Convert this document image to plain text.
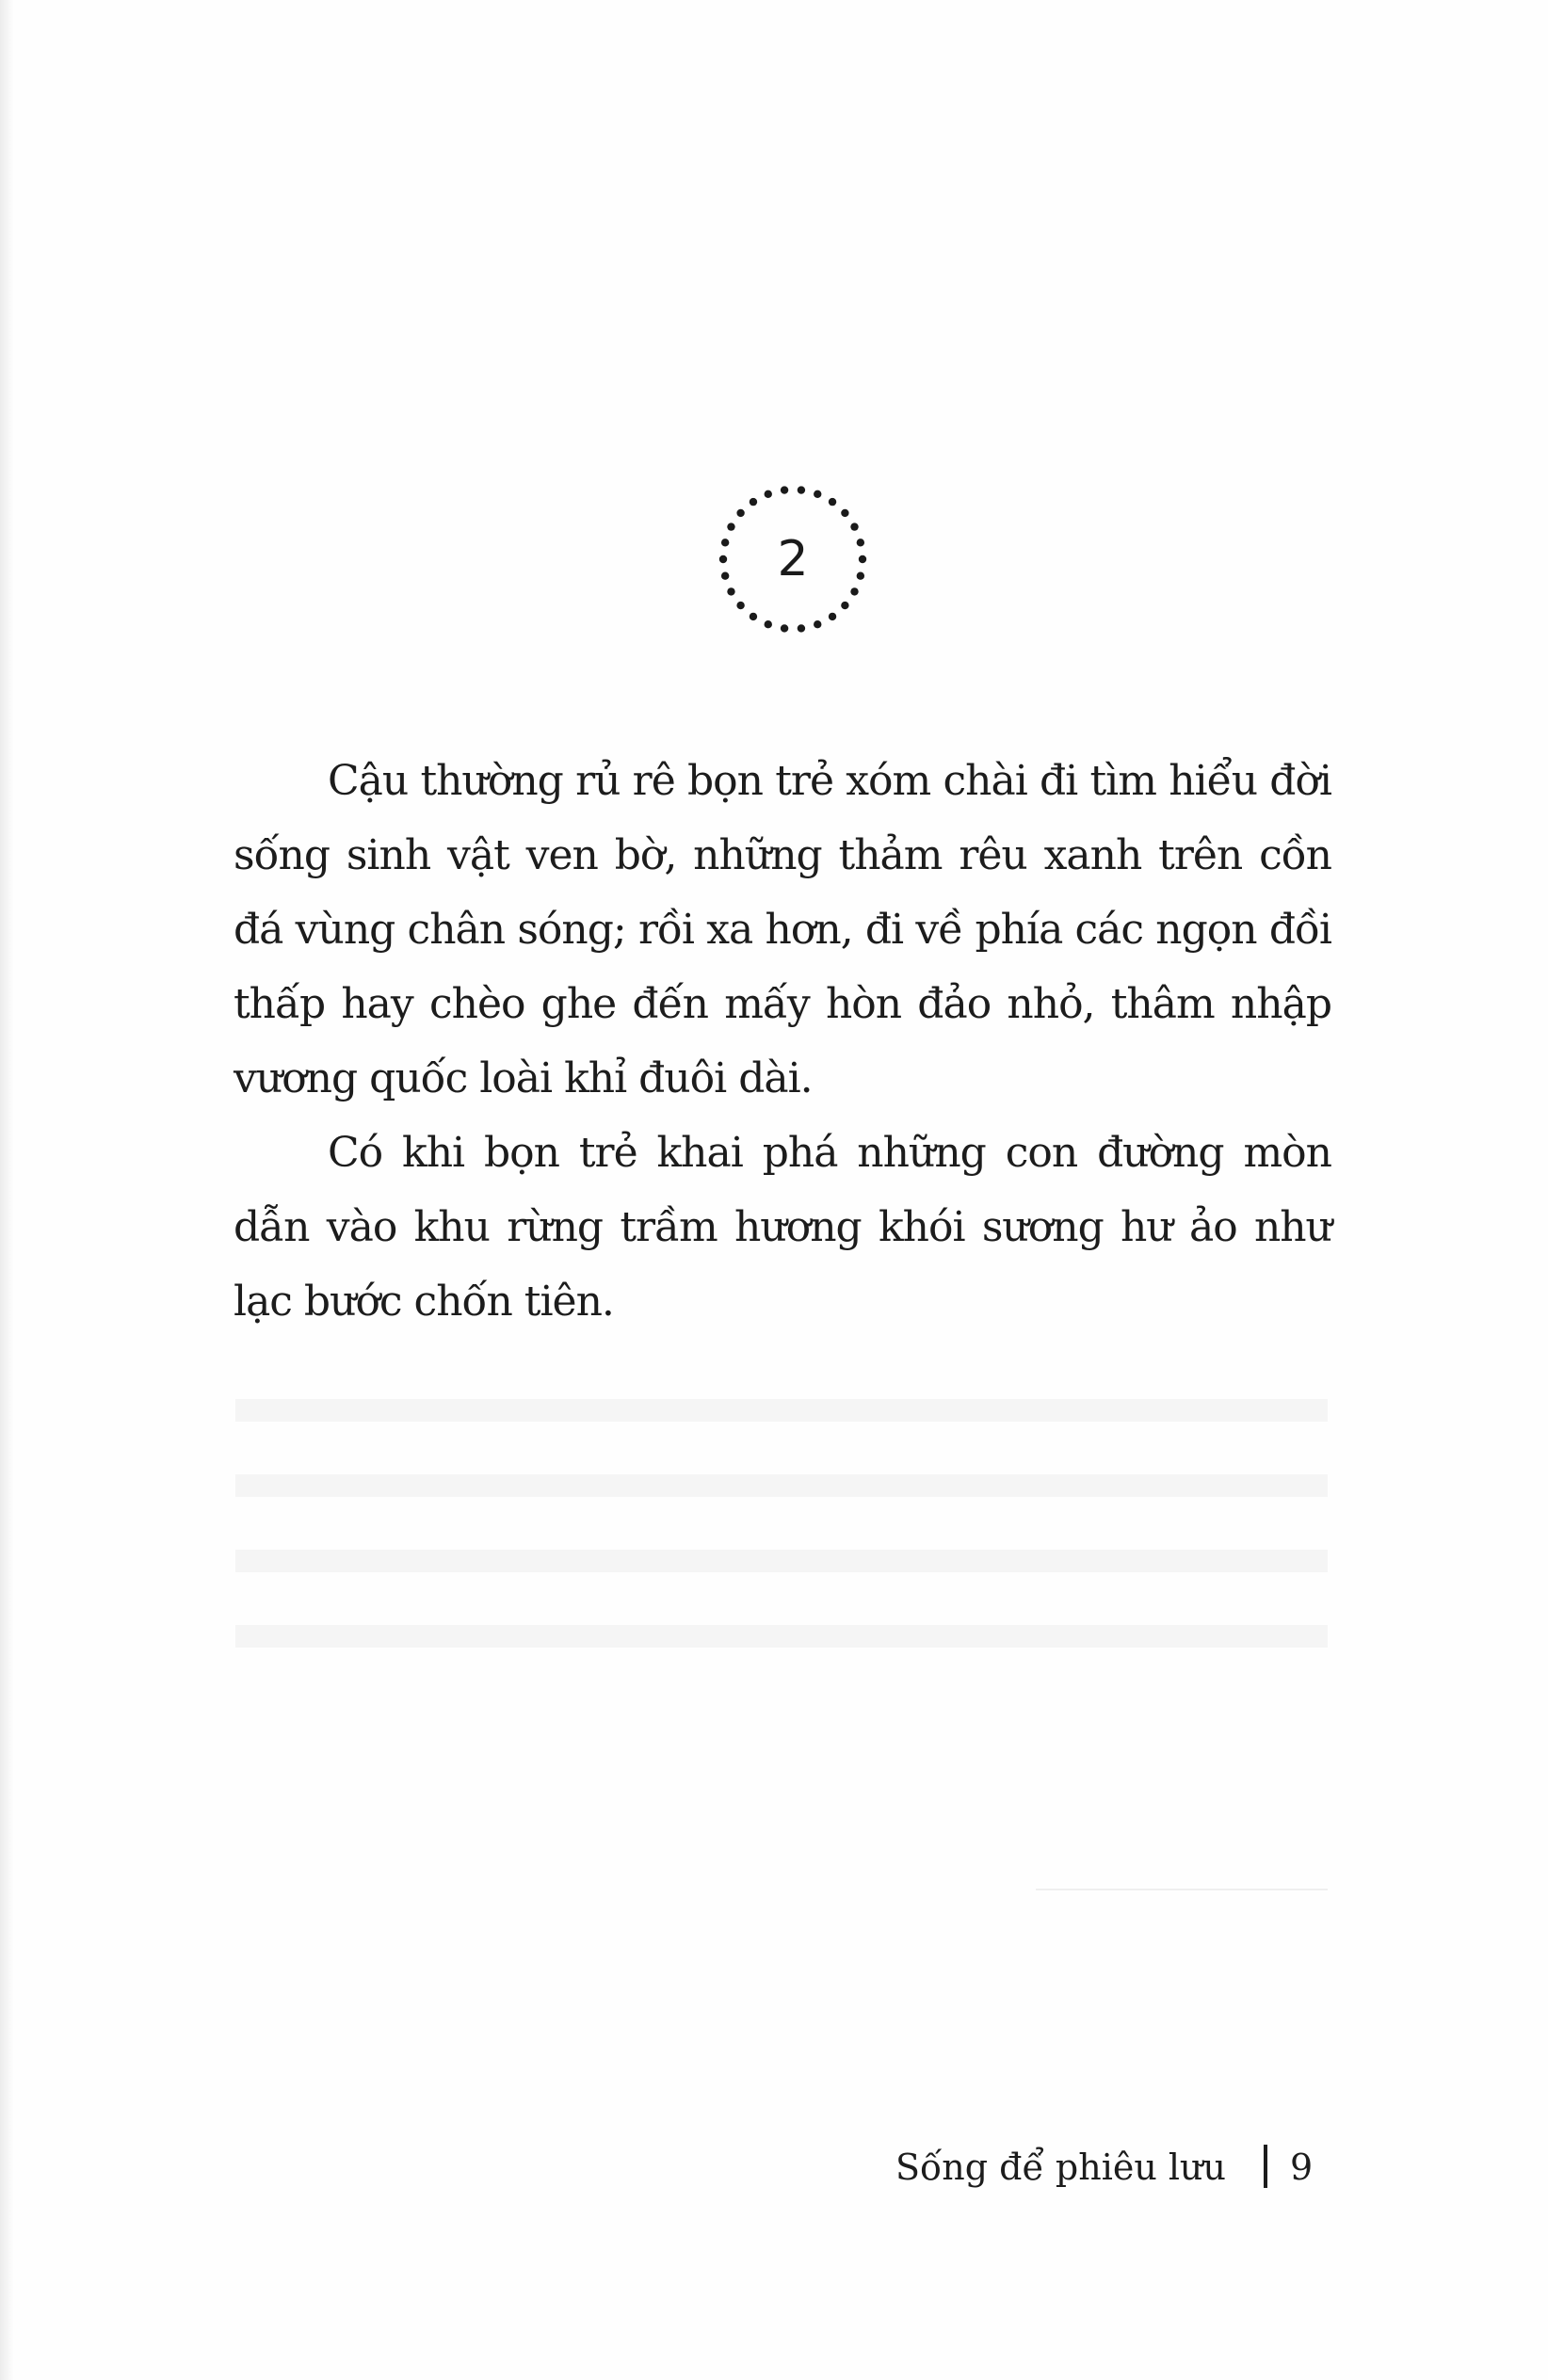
2

Cậu thường rủ rê bọn trẻ xóm chài đi tìm hiểu đời sống sinh vật ven bờ, những thảm rêu xanh trên cồn đá vùng chân sóng; rồi xa hơn, đi về phía các ngọn đồi thấp hay chèo ghe đến mấy hòn đảo nhỏ, thâm nhập vương quốc loài khỉ đuôi dài.

Có khi bọn trẻ khai phá những con đường mòn dẫn vào khu rừng trầm hương khói sương hư ảo như lạc bước chốn tiên.

Sống để phiêu lưu 9
